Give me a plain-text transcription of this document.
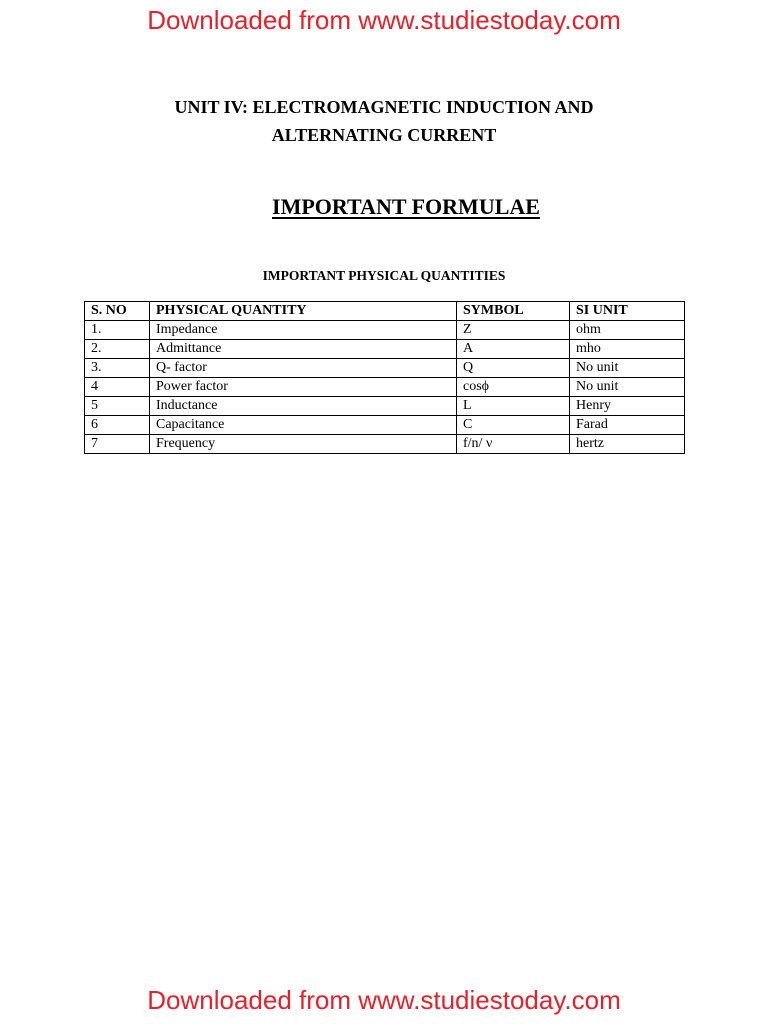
Downloaded from www.studiestoday.com
UNIT IV: ELECTROMAGNETIC INDUCTION AND
ALTERNATING CURRENT
IMPORTANT FORMULAE
IMPORTANT PHYSICAL QUANTITIES
S. NO	PHYSICAL QUANTITY	SYMBOL	SI UNIT
1.	Impedance	Z	ohm
2.	Admittance	A	mho
3.	Q- factor	Q	No unit
4	Power factor	cosϕ	No unit
5	Inductance	L	Henry
6	Capacitance	C	Farad
7	Frequency	f/n/ ν	hertz
Downloaded from www.studiestoday.com
